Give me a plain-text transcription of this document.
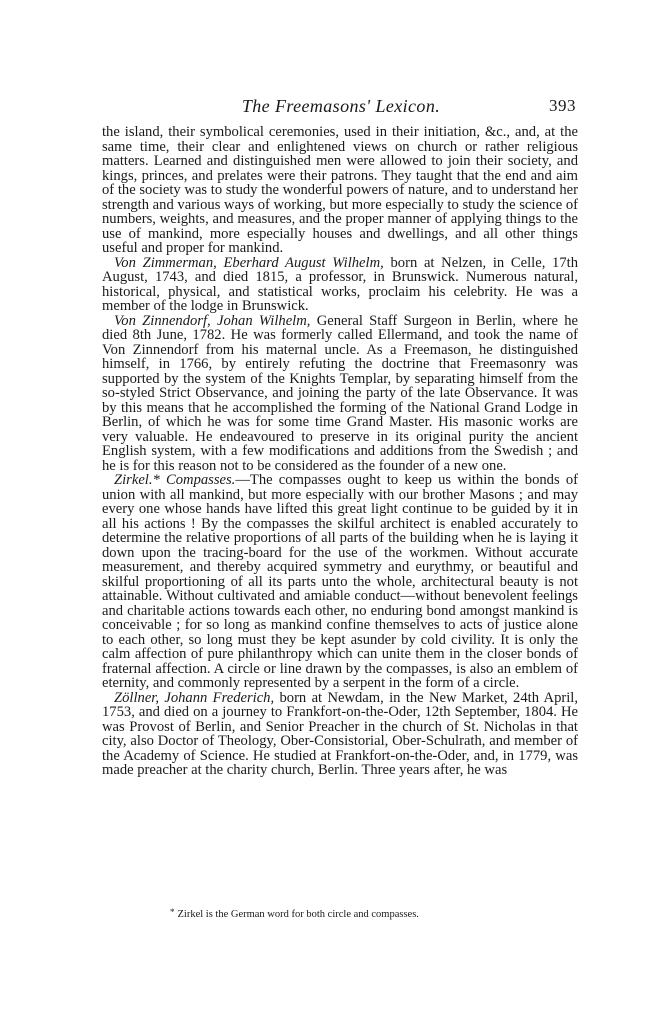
The Freemasons' Lexicon.	393

the island, their symbolical ceremonies, used in their initiation, &c., and, at the same time, their clear and enlightened views on church or rather religious matters. Learned and distinguished men were allowed to join their society, and kings, princes, and prelates were their patrons. They taught that the end and aim of the society was to study the wonderful powers of nature, and to understand her strength and various ways of working, but more especially to study the science of numbers, weights, and measures, and the proper manner of applying things to the use of mankind, more especially houses and dwellings, and all other things useful and proper for mankind.

Von Zimmerman, Eberhard August Wilhelm, born at Nelzen, in Celle, 17th August, 1743, and died 1815, a professor, in Brunswick. Numerous natural, historical, physical, and statistical works, proclaim his celebrity. He was a member of the lodge in Brunswick.

Von Zinnendorf, Johan Wilhelm, General Staff Surgeon in Berlin, where he died 8th June, 1782. He was formerly called Ellermand, and took the name of Von Zinnendorf from his maternal uncle. As a Freemason, he distinguished himself, in 1766, by entirely refuting the doctrine that Freemasonry was supported by the system of the Knights Templar, by separating himself from the so-styled Strict Observance, and joining the party of the late Observance. It was by this means that he accomplished the forming of the National Grand Lodge in Berlin, of which he was for some time Grand Master. His masonic works are very valuable. He endeavoured to preserve in its original purity the ancient English system, with a few modifications and additions from the Swedish ; and he is for this reason not to be considered as the founder of a new one.

Zirkel.* Compasses.—The compasses ought to keep us within the bonds of union with all mankind, but more especially with our brother Masons ; and may every one whose hands have lifted this great light continue to be guided by it in all his actions ! By the compasses the skilful architect is enabled accurately to determine the relative proportions of all parts of the building when he is laying it down upon the tracing-board for the use of the workmen. Without accurate measurement, and thereby acquired symmetry and eurythmy, or beautiful and skilful proportioning of all its parts unto the whole, architectural beauty is not attainable. Without cultivated and amiable conduct—without benevolent feelings and charitable actions towards each other, no enduring bond amongst mankind is conceivable ; for so long as mankind confine themselves to acts of justice alone to each other, so long must they be kept asunder by cold civility. It is only the calm affection of pure philanthropy which can unite them in the closer bonds of fraternal affection. A circle or line drawn by the compasses, is also an emblem of eternity, and commonly represented by a serpent in the form of a circle.

Zöllner, Johann Frederich, born at Newdam, in the New Market, 24th April, 1753, and died on a journey to Frankfort-on-the-Oder, 12th September, 1804. He was Provost of Berlin, and Senior Preacher in the church of St. Nicholas in that city, also Doctor of Theology, Ober-Consistorial, Ober-Schulrath, and member of the Academy of Science. He studied at Frankfort-on-the-Oder, and, in 1779, was made preacher at the charity church, Berlin. Three years after, he was

* Zirkel is the German word for both circle and compasses.
